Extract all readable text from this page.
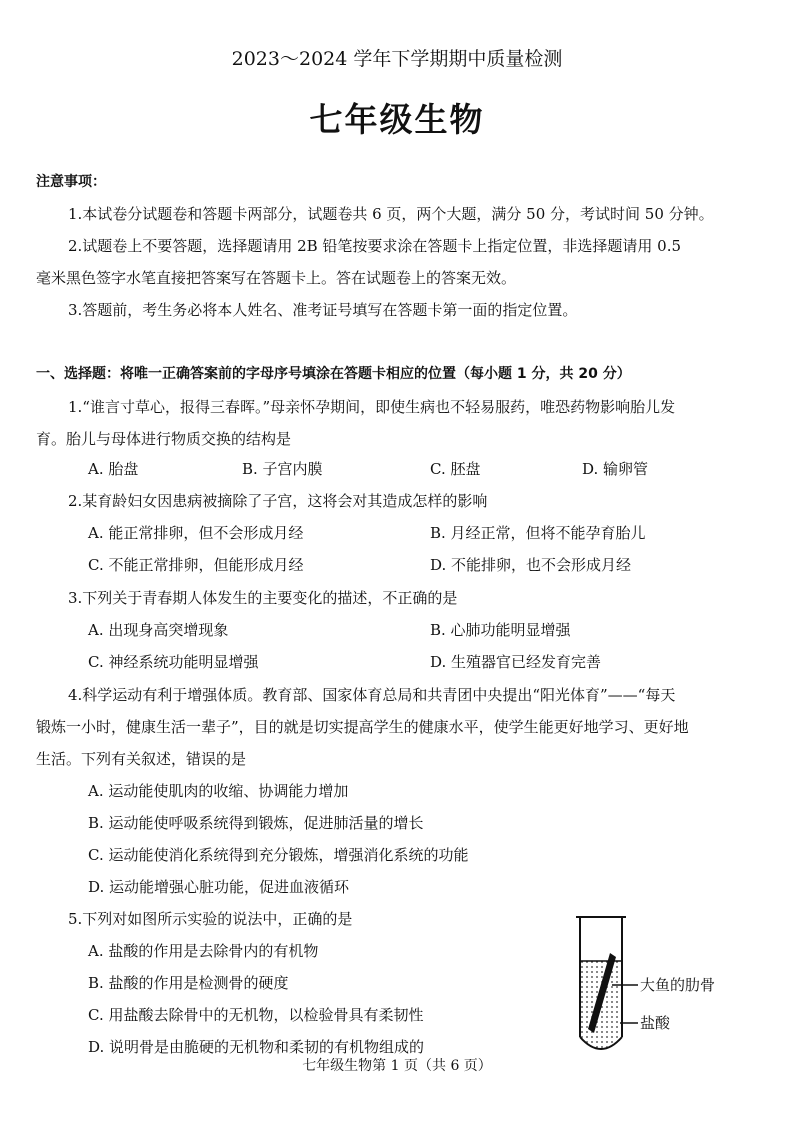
2023～2024 学年下学期期中质量检测
七年级生物
注意事项：
1.本试卷分试题卷和答题卡两部分，试题卷共 6 页，两个大题，满分 50 分，考试时间 50 分钟。
2.试题卷上不要答题，选择题请用 2B 铅笔按要求涂在答题卡上指定位置，非选择题请用 0.5
毫米黑色签字水笔直接把答案写在答题卡上。答在试题卷上的答案无效。
3.答题前，考生务必将本人姓名、准考证号填写在答题卡第一面的指定位置。
一、选择题：将唯一正确答案前的字母序号填涂在答题卡相应的位置（每小题 1 分，共 20 分）
1.“谁言寸草心，报得三春晖。”母亲怀孕期间，即使生病也不轻易服药，唯恐药物影响胎儿发
育。胎儿与母体进行物质交换的结构是
A. 胎盘	B. 子宫内膜	C. 胚盘	D. 输卵管
2.某育龄妇女因患病被摘除了子宫，这将会对其造成怎样的影响
A. 能正常排卵，但不会形成月经	B. 月经正常，但将不能孕育胎儿
C. 不能正常排卵，但能形成月经	D. 不能排卵，也不会形成月经
3.下列关于青春期人体发生的主要变化的描述，不正确的是
A. 出现身高突增现象	B. 心肺功能明显增强
C. 神经系统功能明显增强	D. 生殖器官已经发育完善
4.科学运动有利于增强体质。教育部、国家体育总局和共青团中央提出“阳光体育”——“每天
锻炼一小时，健康生活一辈子”，目的就是切实提高学生的健康水平，使学生能更好地学习、更好地
生活。下列有关叙述，错误的是
A. 运动能使肌肉的收缩、协调能力增加
B. 运动能使呼吸系统得到锻炼，促进肺活量的增长
C. 运动能使消化系统得到充分锻炼，增强消化系统的功能
D. 运动能增强心脏功能，促进血液循环
5.下列对如图所示实验的说法中，正确的是
A. 盐酸的作用是去除骨内的有机物
B. 盐酸的作用是检测骨的硬度
C. 用盐酸去除骨中的无机物，以检验骨具有柔韧性
D. 说明骨是由脆硬的无机物和柔韧的有机物组成的
大鱼的肋骨
盐酸
七年级生物第 1 页（共 6 页）
